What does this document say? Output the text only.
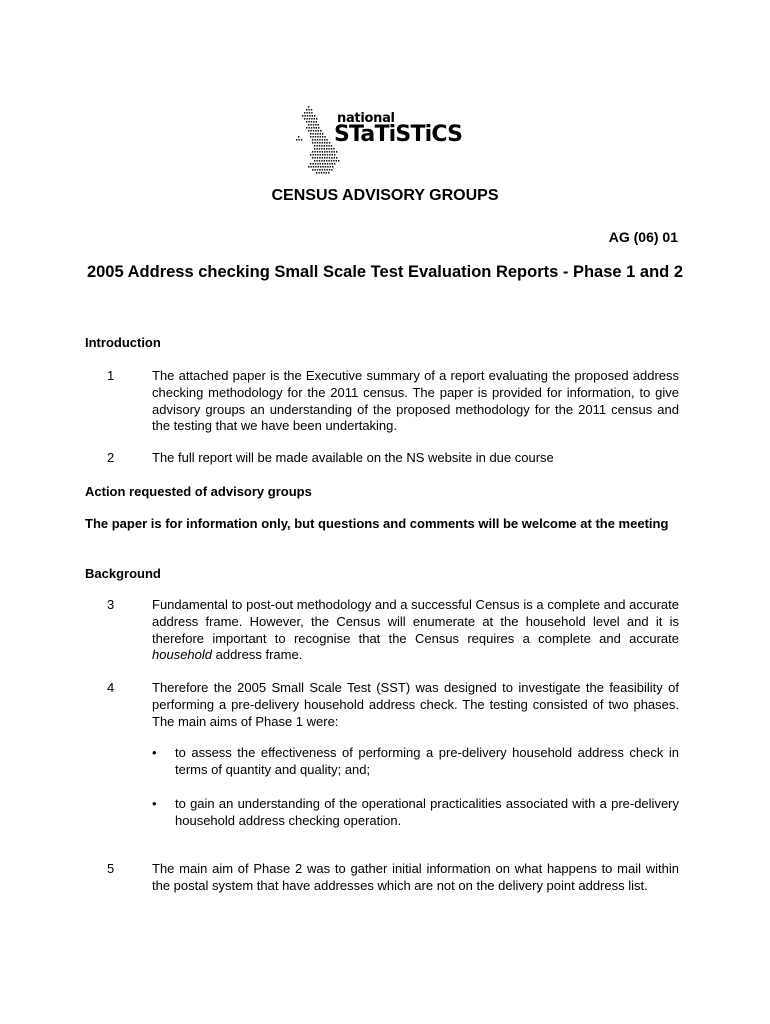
national
STaTiSTiCS
CENSUS ADVISORY GROUPS
AG (06) 01
2005 Address checking Small Scale Test Evaluation Reports - Phase 1 and 2
Introduction
1	The attached paper is the Executive summary of a report evaluating the proposed address checking methodology for the 2011 census. The paper is provided for information, to give advisory groups an understanding of the proposed methodology for the 2011 census and the testing that we have been undertaking.
2	The full report will be made available on the NS website in due course
Action requested of advisory groups
The paper is for information only, but questions and comments will be welcome at the meeting
Background
3	Fundamental to post-out methodology and a successful Census is a complete and accurate address frame. However, the Census will enumerate at the household level and it is therefore important to recognise that the Census requires a complete and accurate household address frame.
4	Therefore the 2005 Small Scale Test (SST) was designed to investigate the feasibility of performing a pre-delivery household address check. The testing consisted of two phases. The main aims of Phase 1 were:
• to assess the effectiveness of performing a pre-delivery household address check in terms of quantity and quality; and;
• to gain an understanding of the operational practicalities associated with a pre-delivery household address checking operation.
5	The main aim of Phase 2 was to gather initial information on what happens to mail within the postal system that have addresses which are not on the delivery point address list.
